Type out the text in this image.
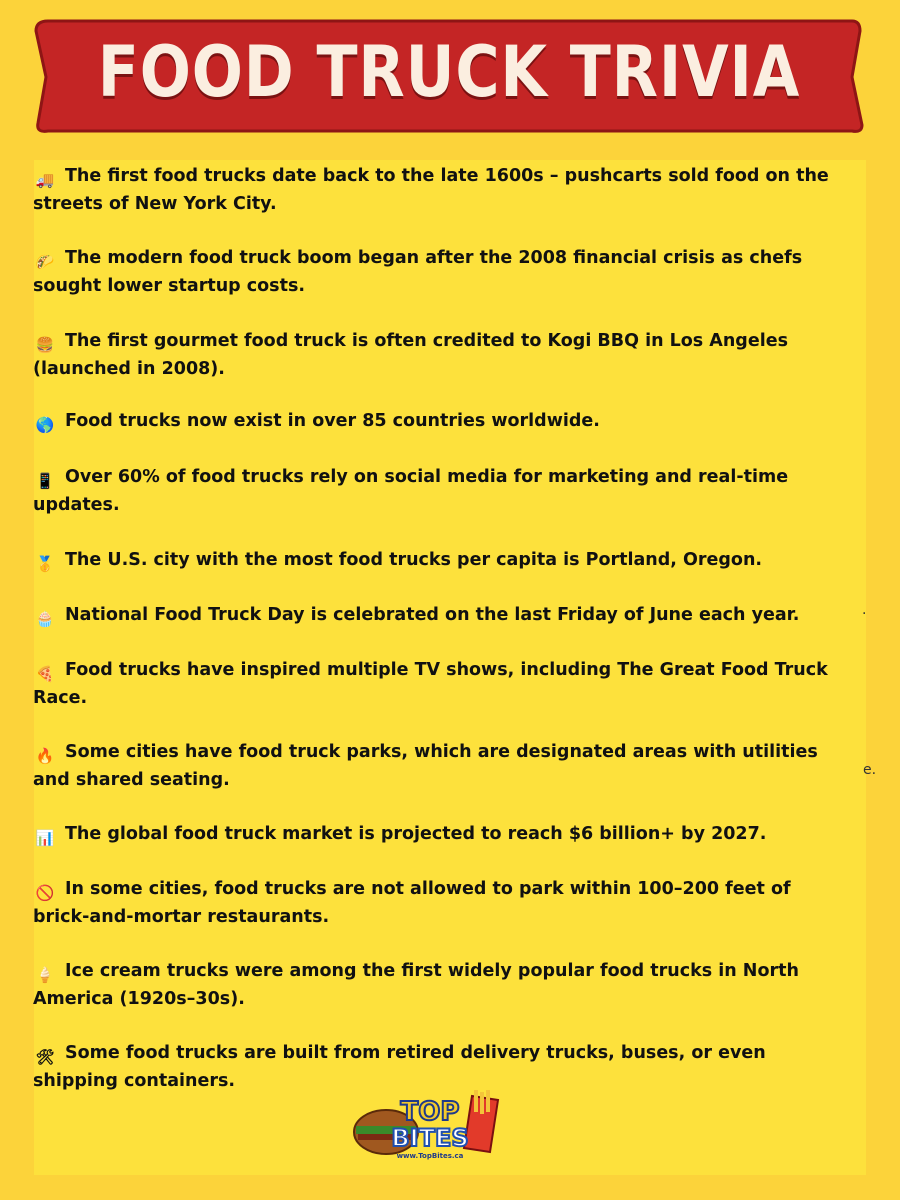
FOOD TRUCK TRIVIA

🚚 The first food trucks date back to the late 1600s – pushcarts sold food on the streets of New York City.

🌮 The modern food truck boom began after the 2008 financial crisis as chefs sought lower startup costs.

🍔 The first gourmet food truck is often credited to Kogi BBQ in Los Angeles (launched in 2008).

🌎 Food trucks now exist in over 85 countries worldwide.

📱 Over 60% of food trucks rely on social media for marketing and real-time updates.

🥇 The U.S. city with the most food trucks per capita is Portland, Oregon.

🧁 National Food Truck Day is celebrated on the last Friday of June each year.

🍕 Food trucks have inspired multiple TV shows, including The Great Food Truck Race.

🔥 Some cities have food truck parks, which are designated areas with utilities and shared seating.

📊 The global food truck market is projected to reach $6 billion+ by 2027.

🚫 In some cities, food trucks are not allowed to park within 100–200 feet of brick-and-mortar restaurants.

🍦 Ice cream trucks were among the first widely popular food trucks in North America (1920s–30s).

🛠 Some food trucks are built from retired delivery trucks, buses, or even shipping containers.

·
e.
TOP
BITES
www.TopBites.ca
